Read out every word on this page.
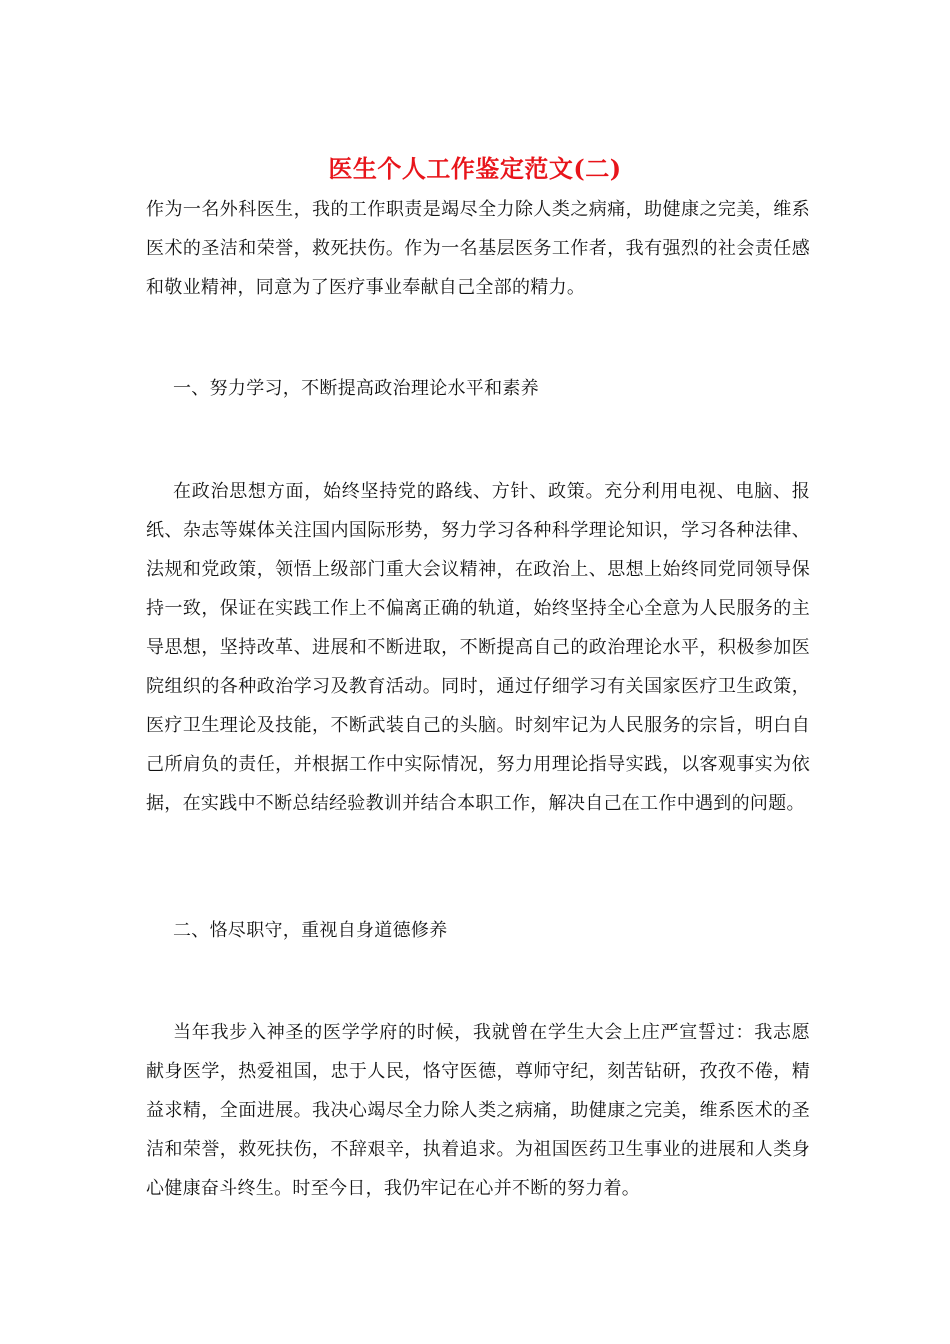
医生个人工作鉴定范文(二)

作为一名外科医生，我的工作职责是竭尽全力除人类之病痛，助健康之完美，维系医术的圣洁和荣誉，救死扶伤。作为一名基层医务工作者，我有强烈的社会责任感和敬业精神，同意为了医疗事业奉献自己全部的精力。

一、努力学习，不断提高政治理论水平和素养

在政治思想方面，始终坚持党的路线、方针、政策。充分利用电视、电脑、报纸、杂志等媒体关注国内国际形势，努力学习各种科学理论知识，学习各种法律、法规和党政策，领悟上级部门重大会议精神，在政治上、思想上始终同党同领导保持一致，保证在实践工作上不偏离正确的轨道，始终坚持全心全意为人民服务的主导思想，坚持改革、进展和不断进取，不断提高自己的政治理论水平，积极参加医院组织的各种政治学习及教育活动。同时，通过仔细学习有关国家医疗卫生政策，医疗卫生理论及技能，不断武装自己的头脑。时刻牢记为人民服务的宗旨，明白自己所肩负的责任，并根据工作中实际情况，努力用理论指导实践，以客观事实为依据，在实践中不断总结经验教训并结合本职工作，解决自己在工作中遇到的问题。

二、恪尽职守，重视自身道德修养

当年我步入神圣的医学学府的时候，我就曾在学生大会上庄严宣誓过：我志愿献身医学，热爱祖国，忠于人民，恪守医德，尊师守纪，刻苦钻研，孜孜不倦，精益求精，全面进展。我决心竭尽全力除人类之病痛，助健康之完美，维系医术的圣洁和荣誉，救死扶伤，不辞艰辛，执着追求。为祖国医药卫生事业的进展和人类身心健康奋斗终生。时至今日，我仍牢记在心并不断的努力着。
